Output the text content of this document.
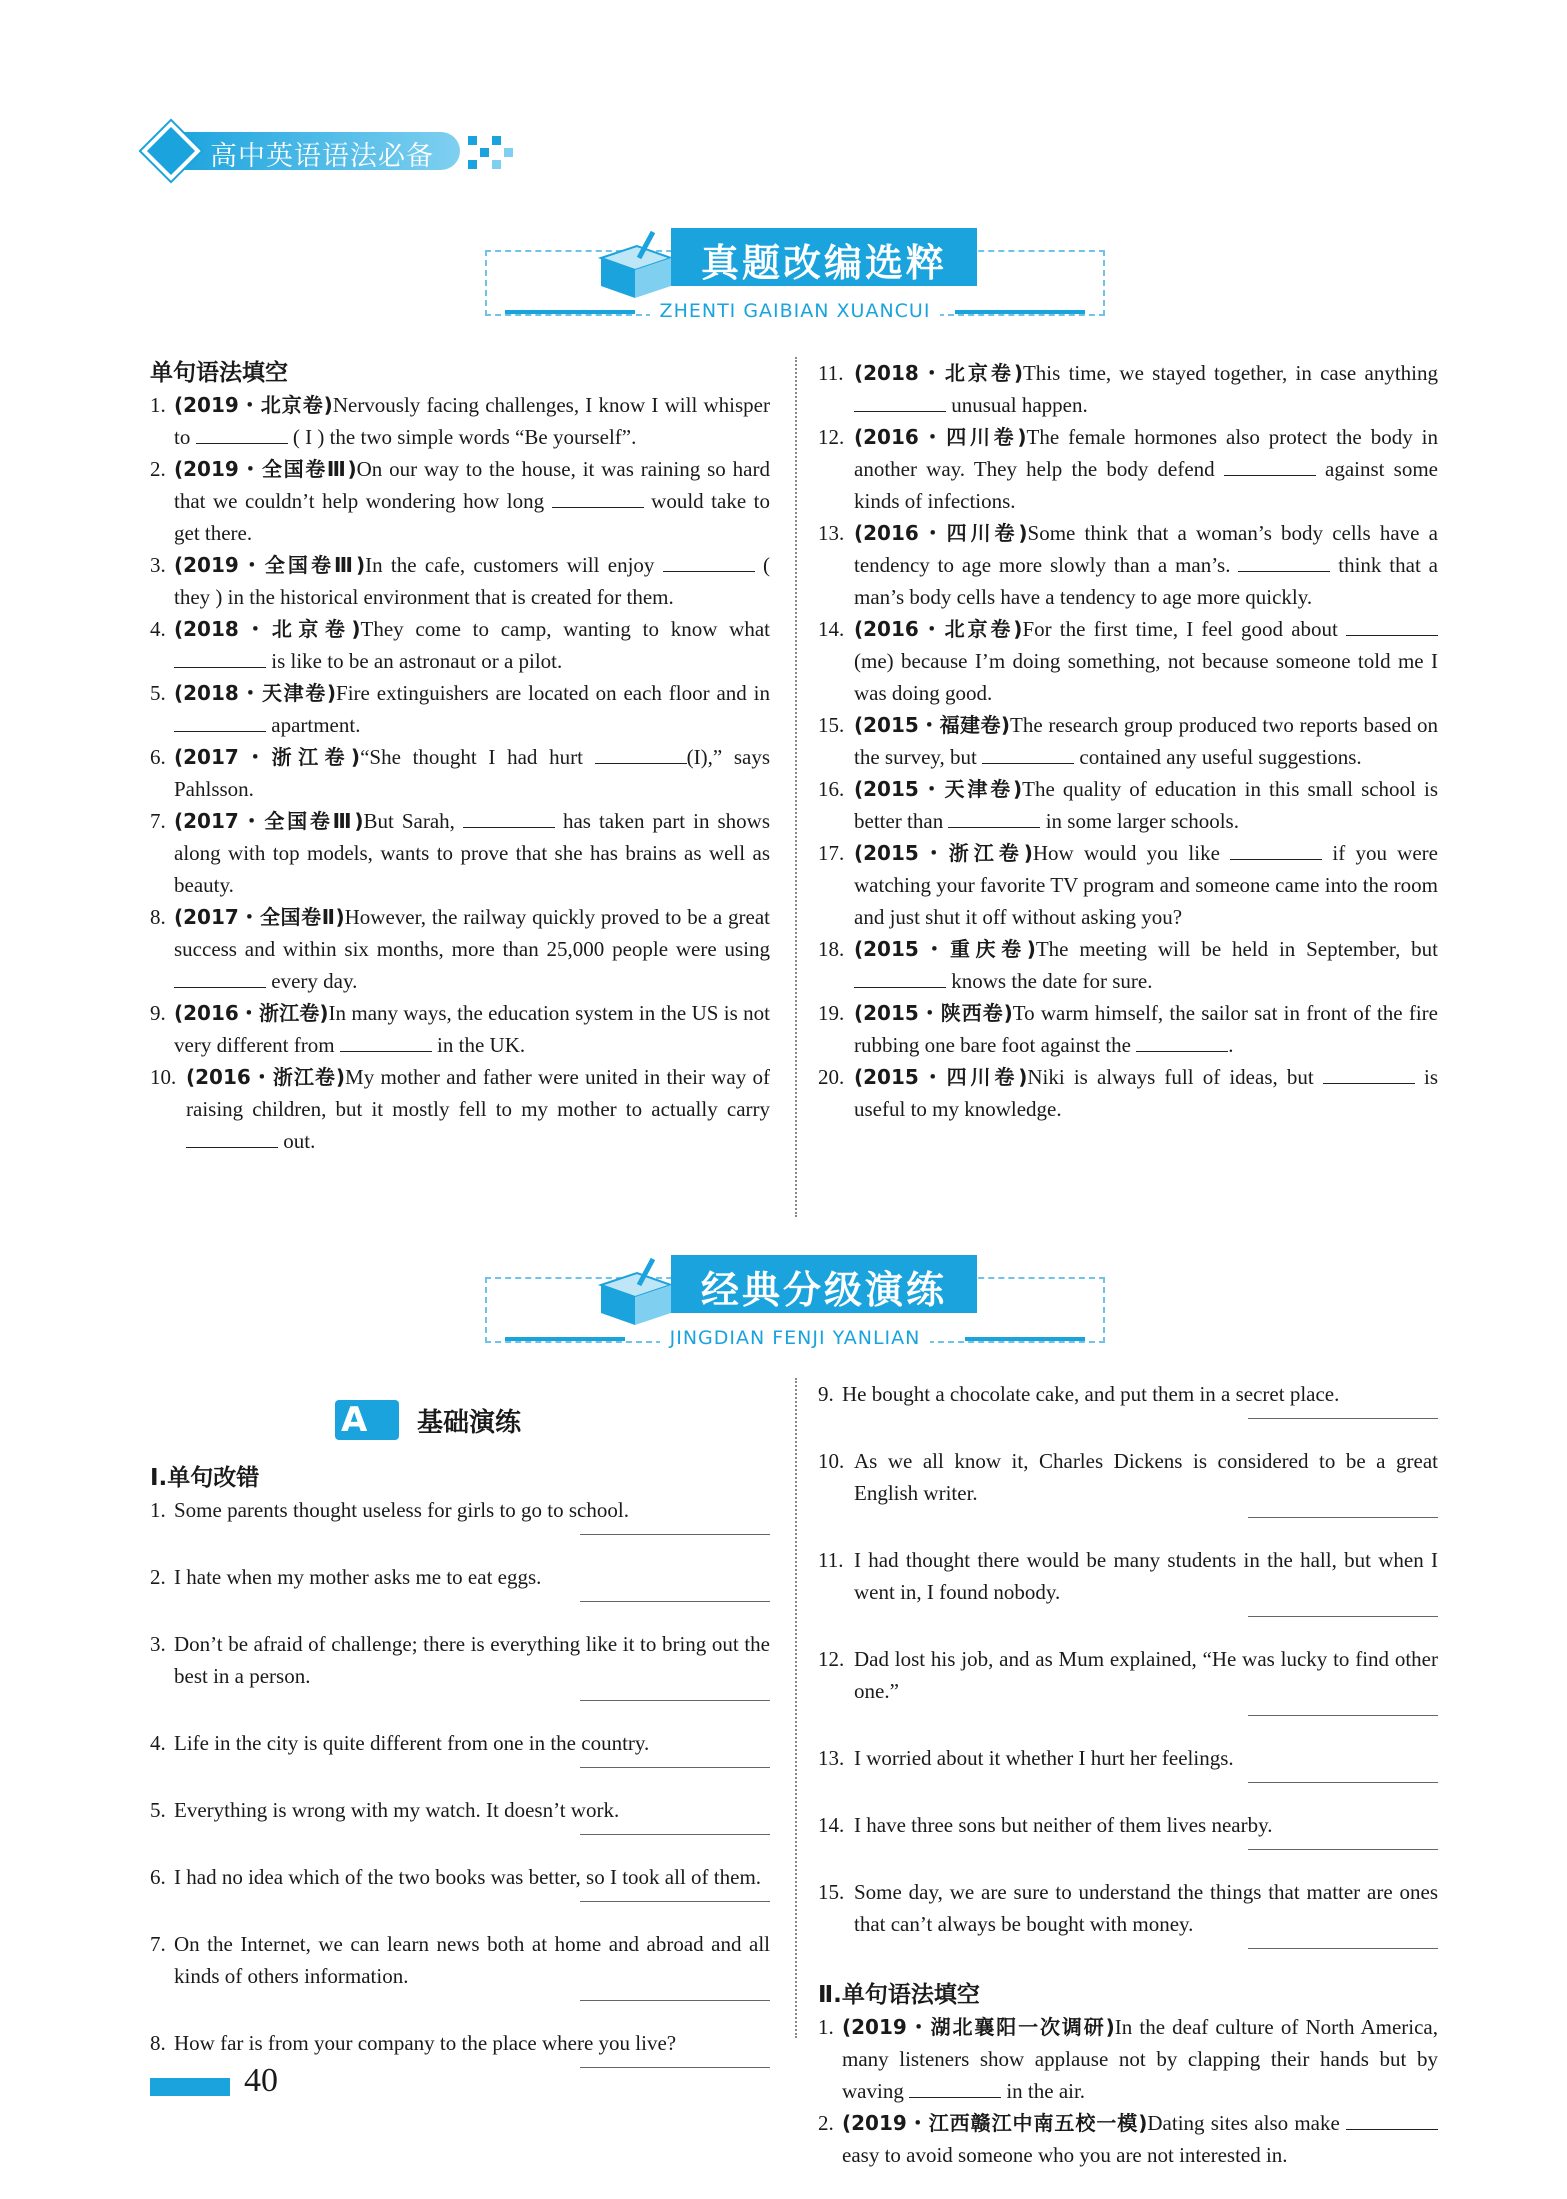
高中英语语法必备
真题改编选粹
ZHENTI GAIBIAN XUANCUI
单句语法填空
1. (2019・北京卷)Nervously facing challenges, I know I will whisper to	( I ) the two simple words “Be yourself”.
2. (2019・全国卷Ⅲ)On our way to the house, it was raining so hard that we couldn’t help wondering how long	would take to get there.
3. (2019・全国卷Ⅲ)In the cafe, customers will enjoy	( they ) in the historical environment that is created for them.
4. (2018・北京卷)They come to camp, wanting to know what  is like to be an astronaut or a pilot.
5. (2018・天津卷)Fire extinguishers are located on each floor and in  apartment.
6. (2017・浙江卷)“She thought I had hurt	(I),” says Pahlsson.
7. (2017・全国卷Ⅲ)But Sarah,	has taken part in shows along with top models, wants to prove that she has brains as well as beauty.
8. (2017・全国卷Ⅱ)However, the railway quickly proved to be a great success and within six months, more than 25,000 people were using  every day.
9. (2016・浙江卷)In many ways, the education system in the US is not very different from	in the UK.
10. (2016・浙江卷)My mother and father were united in their way of raising children, but it mostly fell to my mother to actually carry  out.
11. (2018・北京卷)This time, we stayed together, in case anything  unusual happen.
12. (2016・四川卷)The female hormones also protect the body in another way. They help the body defend	against some kinds of infections.
13. (2016・四川卷)Some think that a woman’s body cells have a tendency to age more slowly than a man’s.	think that a man’s body cells have a tendency to age more quickly.
14. (2016・北京卷)For the first time, I feel good about (me) because I’m doing something, not because someone told me I was doing good.
15. (2015・福建卷)The research group produced two reports based on the survey, but	contained any useful suggestions.
16. (2015・天津卷)The quality of education in this small school is better than	in some larger schools.
17. (2015・浙江卷)How would you like	if you were watching your favorite TV program and someone came into the room and just shut it off without asking you?
18. (2015・重庆卷)The meeting will be held in September, but  knows the date for sure.
19. (2015・陕西卷)To warm himself, the sailor sat in front of the fire rubbing one bare foot against the	.
20. (2015・四川卷)Niki is always full of ideas, but	is useful to my knowledge.
经典分级演练
JINGDIAN FENJI YANLIAN
A组 基础演练
Ⅰ.单句改错
1. Some parents thought useless for girls to go to school.
2. I hate when my mother asks me to eat eggs.
3. Don’t be afraid of challenge; there is everything like it to bring out the best in a person.
4. Life in the city is quite different from one in the country.
5. Everything is wrong with my watch. It doesn’t work.
6. I had no idea which of the two books was better, so I took all of them.
7. On the Internet, we can learn news both at home and abroad and all kinds of others information.
8. How far is from your company to the place where you live?
9. He bought a chocolate cake, and put them in a secret place.
10. As we all know it, Charles Dickens is considered to be a great English writer.
11. I had thought there would be many students in the hall, but when I went in, I found nobody.
12. Dad lost his job, and as Mum explained, “He was lucky to find other one.”
13. I worried about it whether I hurt her feelings.
14. I have three sons but neither of them lives nearby.
15. Some day, we are sure to understand the things that matter are ones that can’t always be bought with money.
Ⅱ.单句语法填空
1. (2019・湖北襄阳一次调研)In the deaf culture of North America, many listeners show applause not by clapping their hands but by waving	in the air.
2. (2019・江西赣江中南五校一模)Dating sites also make  easy to avoid someone who you are not interested in.
40
